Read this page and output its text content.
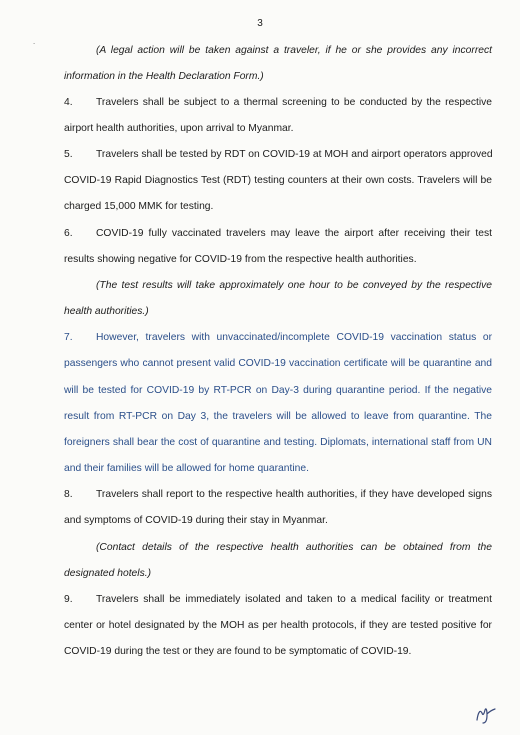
3
˙	(A legal action will be taken against a traveler, if he or she provides any incorrect
information in the Health Declaration Form.)
4. Travelers shall be subject to a thermal screening to be conducted by the respective
airport health authorities, upon arrival to Myanmar.
5. Travelers shall be tested by RDT on COVID-19 at MOH and airport operators approved
COVID-19 Rapid Diagnostics Test (RDT) testing counters at their own costs. Travelers will be
charged 15,000 MMK for testing.
6. COVID-19 fully vaccinated travelers may leave the airport after receiving their test
results showing negative for COVID-19 from the respective health authorities.
(The test results will take approximately one hour to be conveyed by the respective
health authorities.)
7. However, travelers with unvaccinated/incomplete COVID-19 vaccination status or
passengers who cannot present valid COVID-19 vaccination certificate will be quarantine and
will be tested for COVID-19 by RT-PCR on Day-3 during quarantine period. If the negative
result from RT-PCR on Day 3, the travelers will be allowed to leave from quarantine. The
foreigners shall bear the cost of quarantine and testing. Diplomats, international staff from UN
and their families will be allowed for home quarantine.
8. Travelers shall report to the respective health authorities, if they have developed signs
and symptoms of COVID-19 during their stay in Myanmar.
(Contact details of the respective health authorities can be obtained from the
designated hotels.)
9. Travelers shall be immediately isolated and taken to a medical facility or treatment
center or hotel designated by the MOH as per health protocols, if they are tested positive for
COVID-19 during the test or they are found to be symptomatic of COVID-19.
